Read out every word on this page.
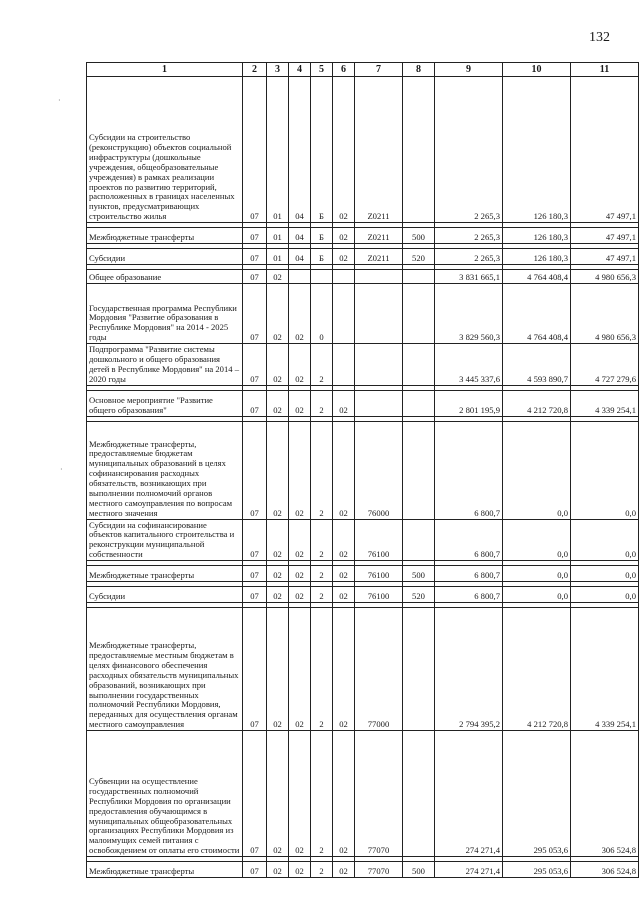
132
·
·
1	2	3	4	5	6	7	8	9	10	11
Субсидии на строительство (реконструкцию) объектов социальной инфраструктуры (дошкольные учреждения, общеобразовательные учреждения) в рамках реализации проектов по развитию территорий, расположенных в границах населенных пунктов, предусматривающих строительство жилья	07	01	04	Б	02	Z0211		2 265,3	126 180,3	47 497,1

Межбюджетные трансферты	07	01	04	Б	02	Z0211	500	2 265,3	126 180,3	47 497,1

Субсидии	07	01	04	Б	02	Z0211	520	2 265,3	126 180,3	47 497,1

Общее образование	07	02						3 831 665,1	4 764 408,4	4 980 656,3
Государственная программа Республики Мордовия "Развитие образования в Республике Мордовия" на 2014 - 2025 годы	07	02	02	0				3 829 560,3	4 764 408,4	4 980 656,3
Подпрограмма "Развитие системы дошкольного и общего образования детей в Республике Мордовия" на 2014 – 2020 годы	07	02	02	2				3 445 337,6	4 593 890,7	4 727 279,6

Основное мероприятие "Развитие общего образования"	07	02	02	2	02			2 801 195,9	4 212 720,8	4 339 254,1

Межбюджетные трансферты, предоставляемые бюджетам муниципальных образований в целях софинансирования расходных обязательств, возникающих при выполнении полномочий органов местного самоуправления по вопросам местного значения	07	02	02	2	02	76000		6 800,7	0,0	0,0
Субсидии на софинансирование объектов капитального строительства и реконструкции муниципальной собственности	07	02	02	2	02	76100		6 800,7	0,0	0,0

Межбюджетные трансферты	07	02	02	2	02	76100	500	6 800,7	0,0	0,0

Субсидии	07	02	02	2	02	76100	520	6 800,7	0,0	0,0

Межбюджетные трансферты, предоставляемые местным бюджетам в целях финансового обеспечения расходных обязательств муниципальных образований, возникающих при выполнении государственных полномочий Республики Мордовия, переданных для осуществления органам местного самоуправления	07	02	02	2	02	77000		2 794 395,2	4 212 720,8	4 339 254,1
Субвенции на осуществление государственных полномочий Республики Мордовия по организации предоставления обучающимся в муниципальных общеобразовательных организациях Республики Мордовия из малоимущих семей питания с освобождением от оплаты его стоимости	07	02	02	2	02	77070		274 271,4	295 053,6	306 524,8

Межбюджетные трансферты	07	02	02	2	02	77070	500	274 271,4	295 053,6	306 524,8
